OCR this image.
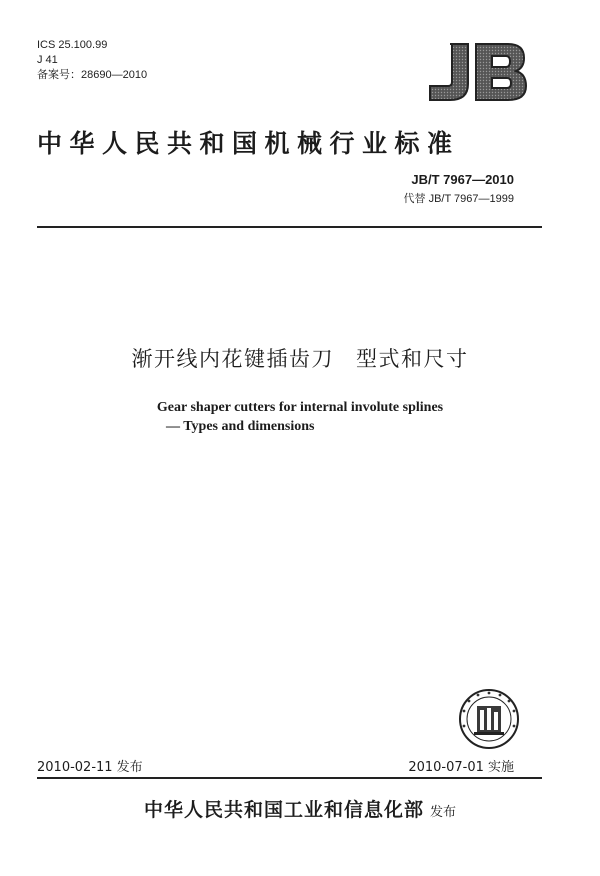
ICS 25.100.99
J 41
备案号：28690—2010
中华人民共和国机械行业标准
JB/T 7967—2010
代替 JB/T 7967—1999
渐开线内花键插齿刀 型式和尺寸
Gear shaper cutters for internal involute splines
— Types and dimensions
2010-02-11 发布	2010-07-01 实施
中华人民共和国工业和信息化部 发布
